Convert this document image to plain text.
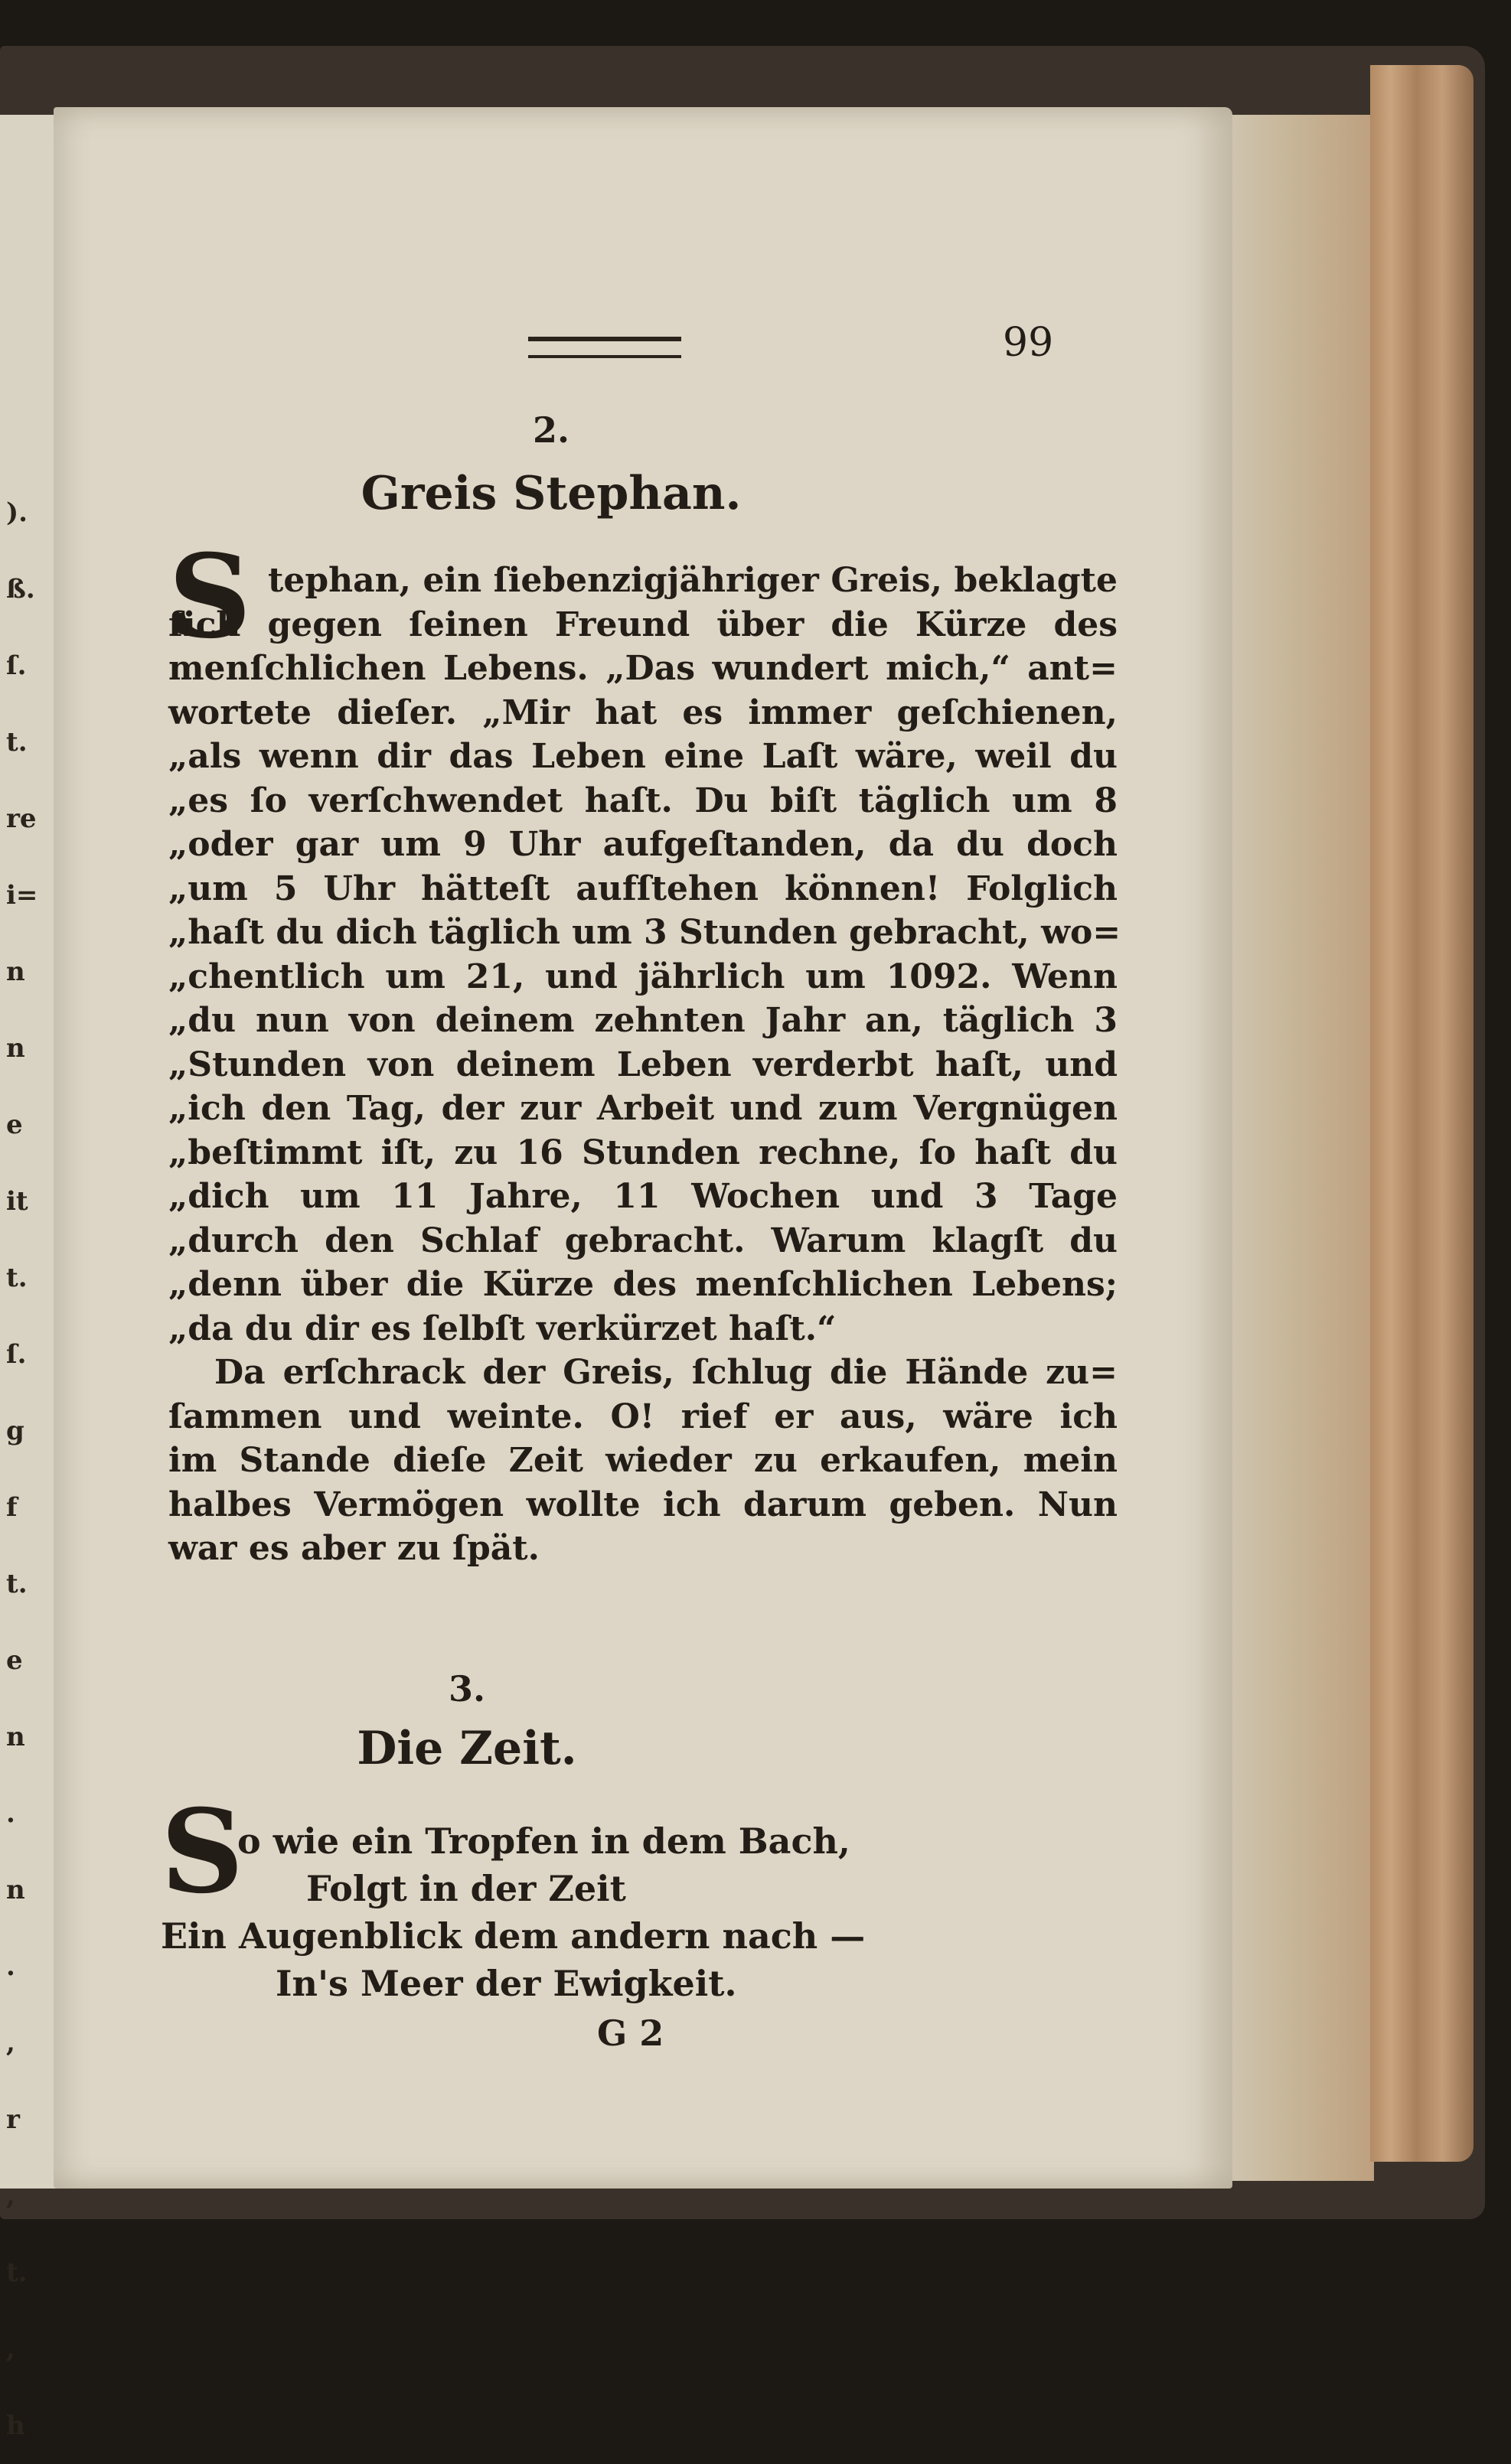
).
ß.
ſ.
t.
re
i=
n
n
e
it
t.
ſ.
g
f
t.
e
n
.
n
.
,
r
,
t.
,
h
99
2.
Greis Stephan.
S tephan, ein ſiebenzigjähriger Greis, beklagte
ſich gegen ſeinen Freund über die Kürze des
menſchlichen Lebens. „Das wundert mich,“ ant=
wortete dieſer. „Mir hat es immer geſchienen,
„als wenn dir das Leben eine Laſt wäre, weil du
„es ſo verſchwendet haſt. Du biſt täglich um 8
„oder gar um 9 Uhr aufgeſtanden, da du doch
„um 5 Uhr hätteſt aufſtehen können! Folglich
„haſt du dich täglich um 3 Stunden gebracht, wo=
„chentlich um 21, und jährlich um 1092. Wenn
„du nun von deinem zehnten Jahr an, täglich 3
„Stunden von deinem Leben verderbt haſt, und
„ich den Tag, der zur Arbeit und zum Vergnügen
„beſtimmt iſt, zu 16 Stunden rechne, ſo haſt du
„dich um 11 Jahre, 11 Wochen und 3 Tage
„durch den Schlaf gebracht. Warum klagſt du
„denn über die Kürze des menſchlichen Lebens;
„da du dir es ſelbſt verkürzet haſt.“
Da erſchrack der Greis, ſchlug die Hände zu=
ſammen und weinte. O! rief er aus, wäre ich
im Stande dieſe Zeit wieder zu erkaufen, mein
halbes Vermögen wollte ich darum geben. Nun
war es aber zu ſpät.
3.
Die Zeit.
S
o wie ein Tropfen in dem Bach,
Folgt in der Zeit
Ein Augenblick dem andern nach —
In's Meer der Ewigkeit.
G 2
